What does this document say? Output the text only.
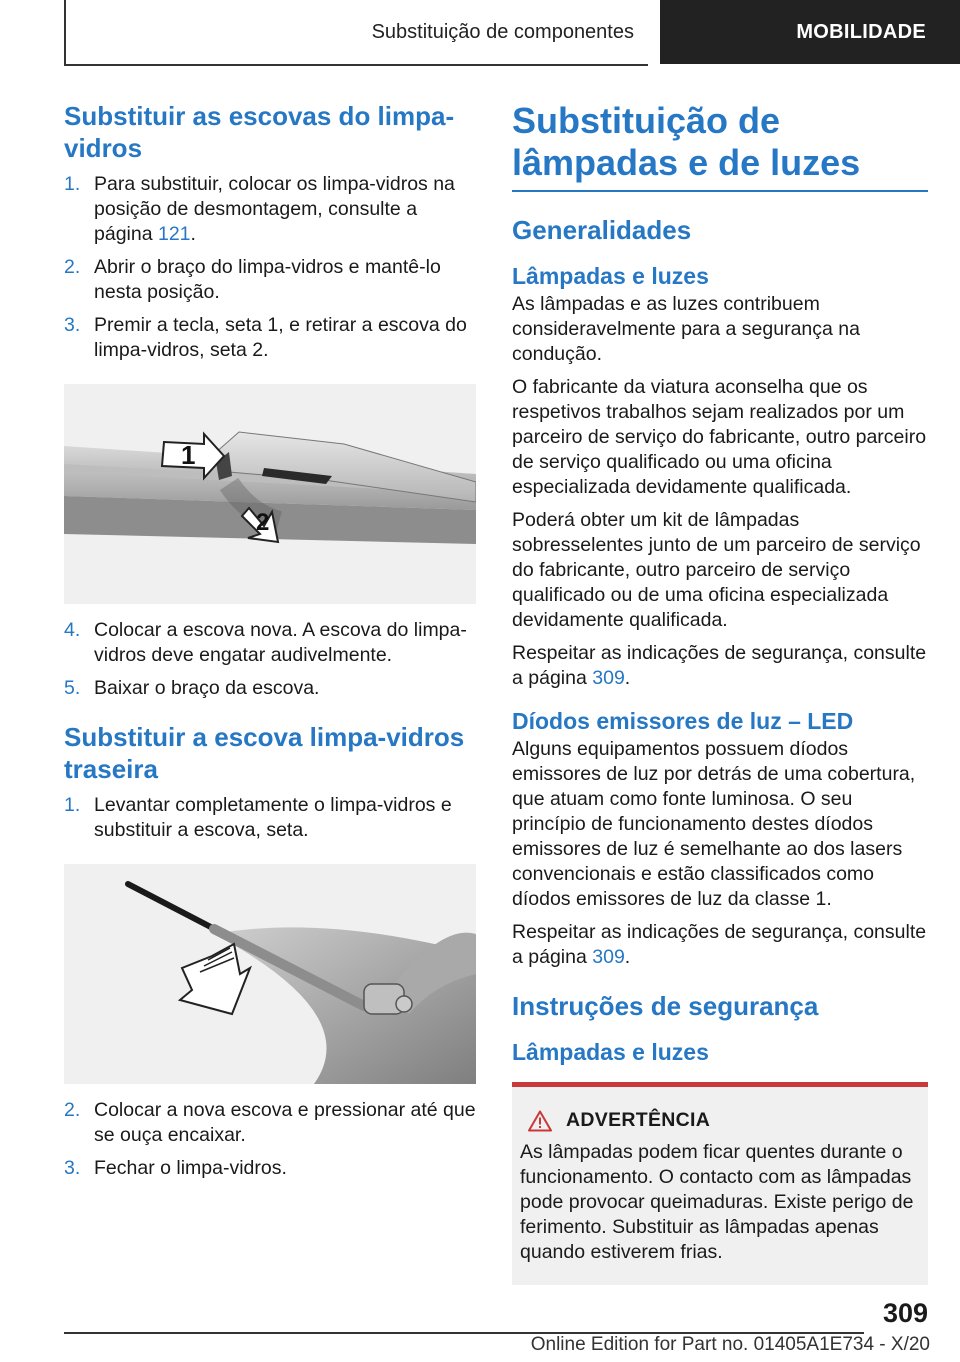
Substituição de componentes	MOBILIDADE
Substituir as escovas do limpa-vidros
1. Para substituir, colocar os limpa-vidros na posição de desmontagem, consulte a página 121.
2. Abrir o braço do limpa-vidros e mantê-lo nesta posição.
3. Premir a tecla, seta 1, e retirar a escova do limpa-vidros, seta 2.
1
2
4. Colocar a escova nova. A escova do limpa-vidros deve engatar audivelmente.
5. Baixar o braço da escova.
Substituir a escova limpa-vidros traseira
1. Levantar completamente o limpa-vidros e substituir a escova, seta.
2. Colocar a nova escova e pressionar até que se ouça encaixar.
3. Fechar o limpa-vidros.
Substituição de lâmpadas e de luzes
Generalidades
Lâmpadas e luzes

As lâmpadas e as luzes contribuem consideravelmente para a segurança na condução.

O fabricante da viatura aconselha que os respetivos trabalhos sejam realizados por um parceiro de serviço do fabricante, outro parceiro de serviço qualificado ou uma oficina especializada devidamente qualificada.

Poderá obter um kit de lâmpadas sobresselentes junto de um parceiro de serviço do fabricante, outro parceiro de serviço qualificado ou de uma oficina especializada devidamente qualificada.

Respeitar as indicações de segurança, consulte a página 309.

Díodos emissores de luz – LED

Alguns equipamentos possuem díodos emissores de luz por detrás de uma cobertura, que atuam como fonte luminosa. O seu princípio de funcionamento destes díodos emissores de luz é semelhante ao dos lasers convencionais e estão classificados como díodos emissores de luz da classe 1.

Respeitar as indicações de segurança, consulte a página 309.

Instruções de segurança
Lâmpadas e luzes
ADVERTÊNCIA

As lâmpadas podem ficar quentes durante o funcionamento. O contacto com as lâmpadas pode provocar queimaduras. Existe perigo de ferimento. Substituir as lâmpadas apenas quando estiverem frias.

309
Online Edition for Part no. 01405A1E734 - X/20
